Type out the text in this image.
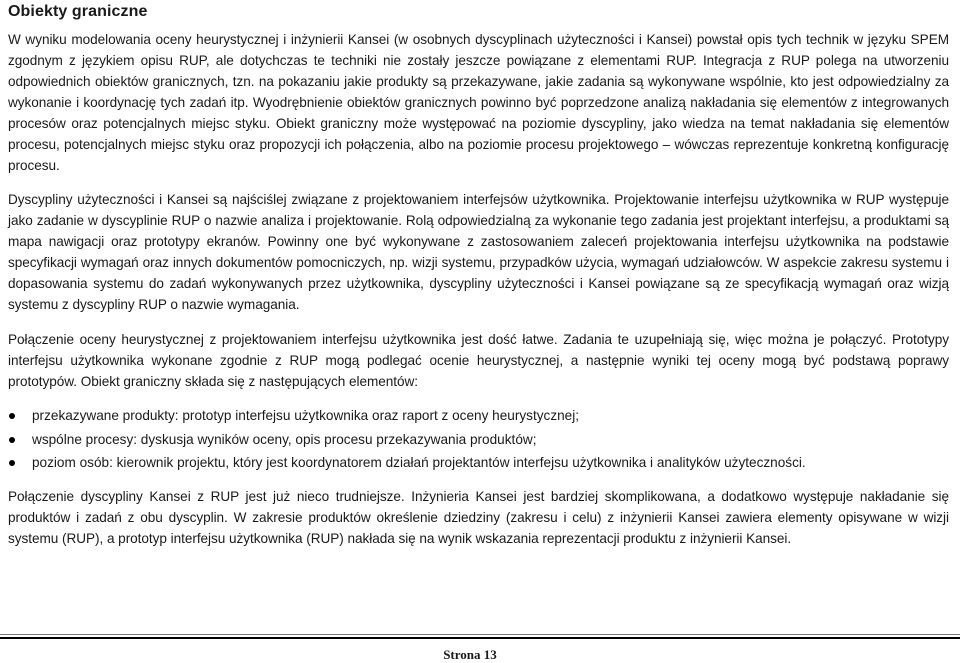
Obiekty graniczne

W wyniku modelowania oceny heurystycznej i inżynierii Kansei (w osobnych dyscyplinach użyteczności i Kansei) powstał opis tych technik w języku SPEM zgodnym z językiem opisu RUP, ale dotychczas te techniki nie zostały jeszcze powiązane z elementami RUP. Integracja z RUP polega na utworzeniu odpowiednich obiektów granicznych, tzn. na pokazaniu jakie produkty są przekazywane, jakie zadania są wykonywane wspólnie, kto jest odpowiedzialny za wykonanie i koordynację tych zadań itp. Wyodrębnienie obiektów granicznych powinno być poprzedzone analizą nakładania się elementów z integrowanych procesów oraz potencjalnych miejsc styku. Obiekt graniczny może występować na poziomie dyscypliny, jako wiedza na temat nakładania się elementów procesu, potencjalnych miejsc styku oraz propozycji ich połączenia, albo na poziomie procesu projektowego – wówczas reprezentuje konkretną konfigurację procesu.

Dyscypliny użyteczności i Kansei są najściślej związane z projektowaniem interfejsów użytkownika. Projektowanie interfejsu użytkownika w RUP występuje jako zadanie w dyscyplinie RUP o nazwie analiza i projektowanie. Rolą odpowiedzialną za wykonanie tego zadania jest projektant interfejsu, a produktami są mapa nawigacji oraz prototypy ekranów. Powinny one być wykonywane z zastosowaniem zaleceń projektowania interfejsu użytkownika na podstawie specyfikacji wymagań oraz innych dokumentów pomocniczych, np. wizji systemu, przypadków użycia, wymagań udziałowców. W aspekcie zakresu systemu i dopasowania systemu do zadań wykonywanych przez użytkownika, dyscypliny użyteczności i Kansei powiązane są ze specyfikacją wymagań oraz wizją systemu z dyscypliny RUP o nazwie wymagania.

Połączenie oceny heurystycznej z projektowaniem interfejsu użytkownika jest dość łatwe. Zadania te uzupełniają się, więc można je połączyć. Prototypy interfejsu użytkownika wykonane zgodnie z RUP mogą podlegać ocenie heurystycznej, a następnie wyniki tej oceny mogą być podstawą poprawy prototypów. Obiekt graniczny składa się z następujących elementów:

przekazywane produkty: prototyp interfejsu użytkownika oraz raport z oceny heurystycznej;
wspólne procesy: dyskusja wyników oceny, opis procesu przekazywania produktów;
poziom osób: kierownik projektu, który jest koordynatorem działań projektantów interfejsu użytkownika i analityków użyteczności.

Połączenie dyscypliny Kansei z RUP jest już nieco trudniejsze. Inżynieria Kansei jest bardziej skomplikowana, a dodatkowo występuje nakładanie się produktów i zadań z obu dyscyplin. W zakresie produktów określenie dziedziny (zakresu i celu) z inżynierii Kansei zawiera elementy opisywane w wizji systemu (RUP), a prototyp interfejsu użytkownika (RUP) nakłada się na wynik wskazania reprezentacji produktu z inżynierii Kansei.

Strona 13
